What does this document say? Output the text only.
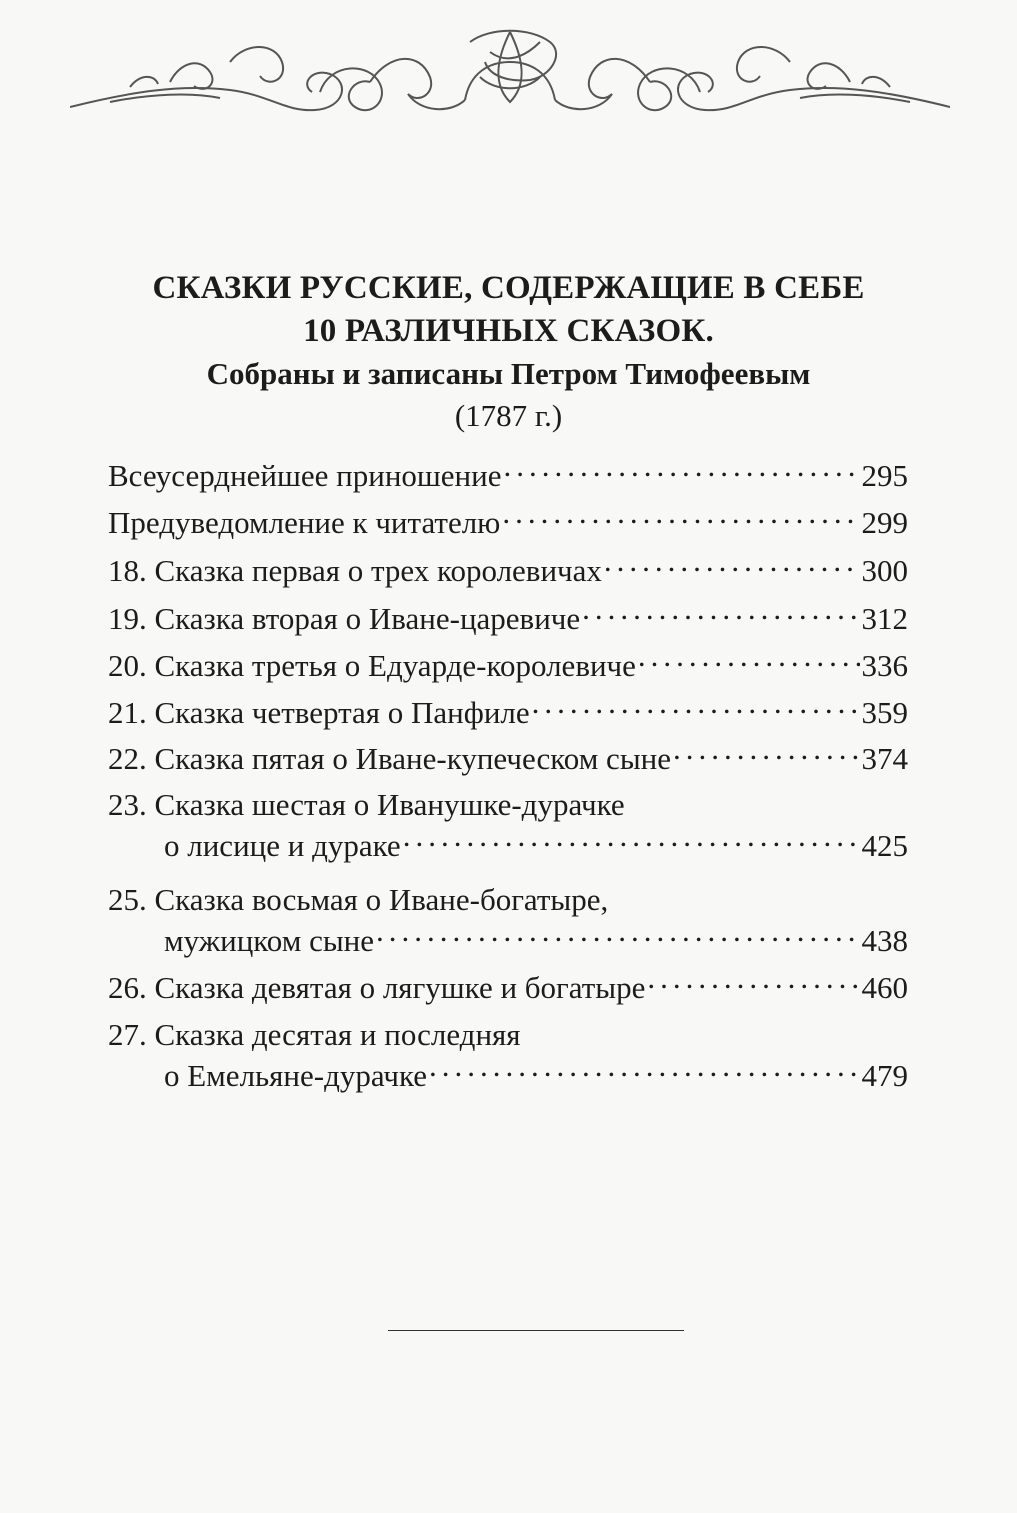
СКАЗКИ РУССКИЕ, СОДЕРЖАЩИЕ В СЕБЕ
10 РАЗЛИЧНЫХ СКАЗОК.
Собраны и записаны Петром Тимофеевым
(1787 г.)
Всеусерднейшее приношение .....	295
Предуведомление к читателю .....	299
18. Сказка первая о трех королевичах .....	300
19. Сказка вторая о Иване-царевиче .....	312
20. Сказка третья о Едуарде-королевиче .....	336
21. Сказка четвертая о Панфиле .....	359
22. Сказка пятая о Иване-купеческом сыне .....	374
23. Сказка шестая о Иванушке-дурачке
о лисице и дураке .....	425
25. Сказка восьмая о Иване-богатыре,
мужицком сыне .....	438
26. Сказка девятая о лягушке и богатыре .....	460
27. Сказка десятая и последняя
о Емельяне-дурачке .....	479
